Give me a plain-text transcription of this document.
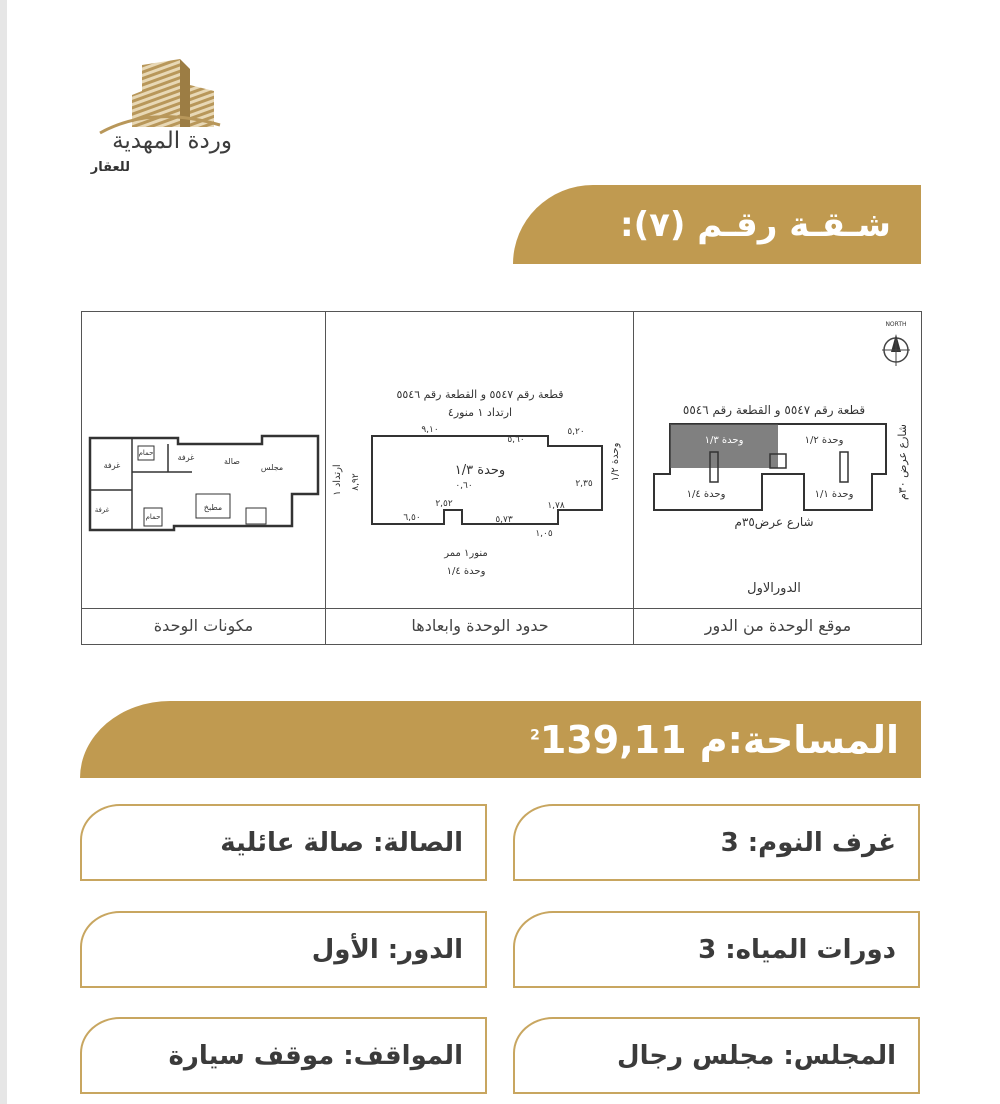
وردة المهدية
للعقار
شـقـة رقـم (٧):
NORTH
قطعة رقم ٥٥٤٧ و القطعة رقم ٥٥٤٦
وحدة ١/٣	وحدة ١/٢
وحدة ١/٤	وحدة ١/١
شارع عرض٣٥م
شارع عرض ٣٠م
الدورالاول
موقع الوحدة من الدور
قطعة رقم ٥٥٤٧ و القطعة رقم ٥٥٤٦
ارتداد ١ منور٤
وحدة ١/٣
٩,١٠
٥,٦٠
٥,٢٠
٨,٩٢	٢,٣٥
١,٧٨
٠,٦٠
٢,٥٢
٦,٥٠	٥,٧٣
١,٠٥
ارتداد ١	وحدة ١/٢
منور١ ممر
وحدة ١/٤
حدود الوحدة وابعادها
مجلس
صالة
غرفة
غرفة
غرفة	مطبخ
حمام
حمام
مكونات الوحدة
المساحة:
$^2$139,11 م
غرف النوم: 3
الصالة: صالة عائلية
دورات المياه: 3
الدور: الأول
المجلس: مجلس رجال
المواقف: موقف سيارة
